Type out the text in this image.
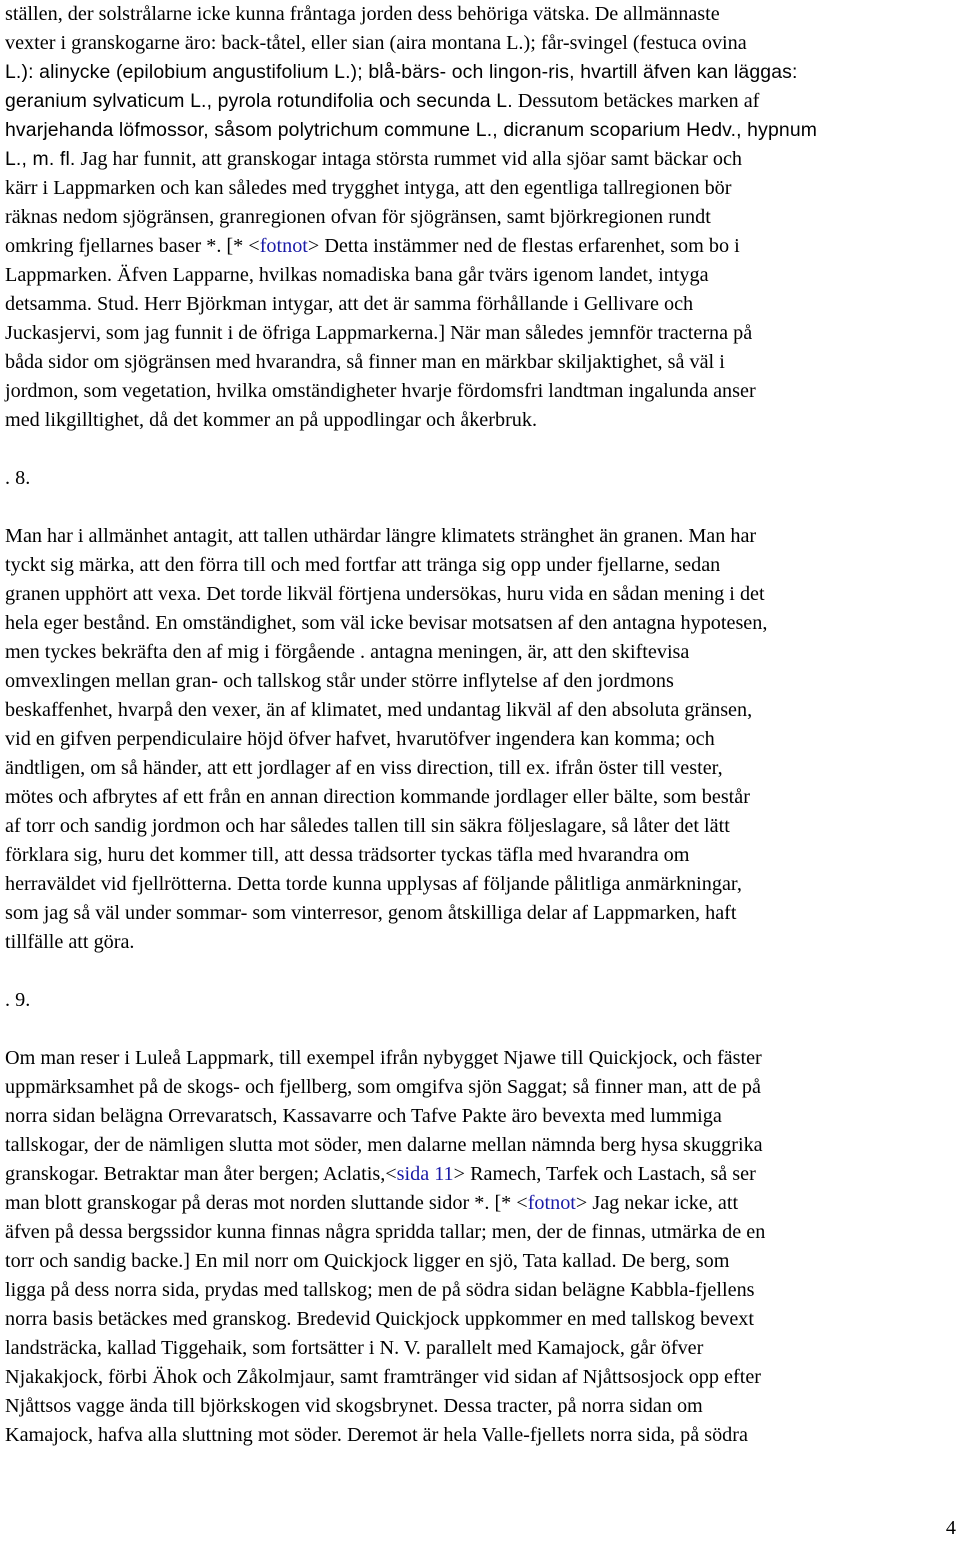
ställen, der solstrålarne icke kunna fråntaga jorden dess behöriga vätska. De allmännaste
vexter i granskogarne äro: back-tåtel, eller sian (aira montana L.); får-svingel (festuca ovina
L.): alinycke (epilobium angustifolium L.); blå-bärs- och lingon-ris, hvartill äfven kan läggas:
geranium sylvaticum L., pyrola rotundifolia och secunda L. Dessutom betäckes marken af
hvarjehanda löfmossor, såsom polytrichum commune L., dicranum scoparium Hedv., hypnum
L., m. fl. Jag har funnit, att granskogar intaga största rummet vid alla sjöar samt bäckar och
kärr i Lappmarken och kan således med trygghet intyga, att den egentliga tallregionen bör
räknas nedom sjögränsen, granregionen ofvan för sjögränsen, samt björkregionen rundt
omkring fjellarnes baser *. [* <fotnot> Detta instämmer ned de flestas erfarenhet, som bo i
Lappmarken. Äfven Lapparne, hvilkas nomadiska bana går tvärs igenom landet, intyga
detsamma. Stud. Herr Björkman intygar, att det är samma förhållande i Gellivare och
Juckasjervi, som jag funnit i de öfriga Lappmarkerna.] När man således jemnför tracterna på
båda sidor om sjögränsen med hvarandra, så finner man en märkbar skiljaktighet, så väl i
jordmon, som vegetation, hvilka omständigheter hvarje fördomsfri landtman ingalunda anser
med likgilltighet, då det kommer an på uppodlingar och åkerbruk.
. 8.
Man har i allmänhet antagit, att tallen uthärdar längre klimatets stränghet än granen. Man har
tyckt sig märka, att den förra till och med fortfar att tränga sig opp under fjellarne, sedan
granen upphört att vexa. Det torde likväl förtjena undersökas, huru vida en sådan mening i det
hela eger bestånd. En omständighet, som väl icke bevisar motsatsen af den antagna hypotesen,
men tyckes bekräfta den af mig i förgående . antagna meningen, är, att den skiftevisa
omvexlingen mellan gran- och tallskog står under större inflytelse af den jordmons
beskaffenhet, hvarpå den vexer, än af klimatet, med undantag likväl af den absoluta gränsen,
vid en gifven perpendiculaire höjd öfver hafvet, hvarutöfver ingendera kan komma; och
ändtligen, om så händer, att ett jordlager af en viss direction, till ex. ifrån öster till vester,
mötes och afbrytes af ett från en annan direction kommande jordlager eller bälte, som består
af torr och sandig jordmon och har således tallen till sin säkra följeslagare, så låter det lätt
förklara sig, huru det kommer till, att dessa trädsorter tyckas täfla med hvarandra om
herraväldet vid fjellrötterna. Detta torde kunna upplysas af följande pålitliga anmärkningar,
som jag så väl under sommar- som vinterresor, genom åtskilliga delar af Lappmarken, haft
tillfälle att göra.
. 9.
Om man reser i Luleå Lappmark, till exempel ifrån nybygget Njawe till Quickjock, och fäster
uppmärksamhet på de skogs- och fjellberg, som omgifva sjön Saggat; så finner man, att de på
norra sidan belägna Orrevaratsch, Kassavarre och Tafve Pakte äro bevexta med lummiga
tallskogar, der de nämligen slutta mot söder, men dalarne mellan nämnda berg hysa skuggrika
granskogar. Betraktar man åter bergen; Aclatis,<sida 11> Ramech, Tarfek och Lastach, så ser
man blott granskogar på deras mot norden sluttande sidor *. [* <fotnot> Jag nekar icke, att
äfven på dessa bergssidor kunna finnas några spridda tallar; men, der de finnas, utmärka de en
torr och sandig backe.] En mil norr om Quickjock ligger en sjö, Tata kallad. De berg, som
ligga på dess norra sida, prydas med tallskog; men de på södra sidan belägne Kabbla-fjellens
norra basis betäckes med granskog. Bredevid Quickjock uppkommer en med tallskog bevext
landsträcka, kallad Tiggehaik, som fortsätter i N. V. parallelt med Kamajock, går öfver
Njakakjock, förbi Ähok och Zåkolmjaur, samt framtränger vid sidan af Njåttsosjock opp efter
Njåttsos vagge ända till björkskogen vid skogsbrynet. Dessa tracter, på norra sidan om
Kamajock, hafva alla sluttning mot söder. Deremot är hela Valle-fjellets norra sida, på södra
4
